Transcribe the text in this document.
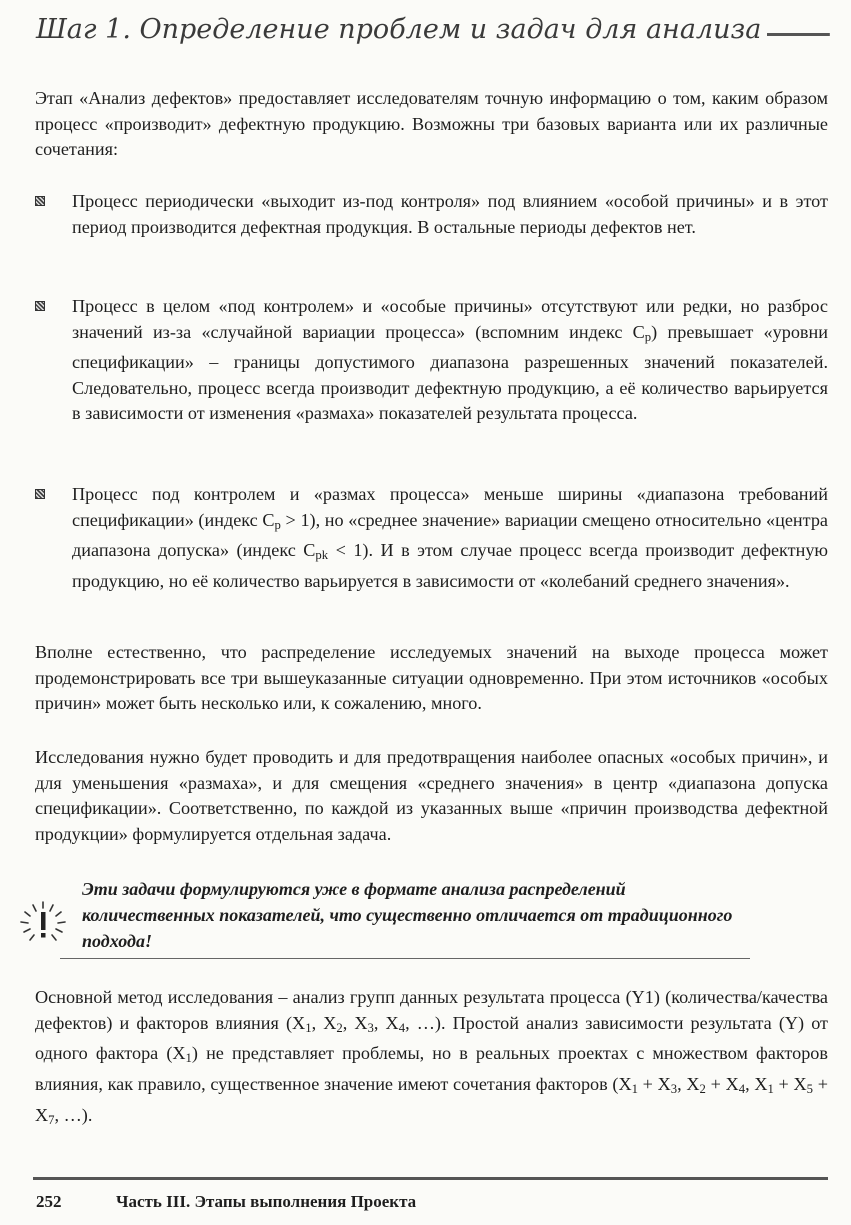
Шаг 1. Определение проблем и задач для анализа

Этап «Анализ дефектов» предоставляет исследователям точную информацию о том, каким образом процесс «производит» дефектную продукцию. Возможны три базовых варианта или их различные сочетания:

Процесс периодически «выходит из-под контроля» под влиянием «особой причины» и в этот период производится дефектная продукция. В остальные периоды дефектов нет.

Процесс в целом «под контролем» и «особые причины» отсутствуют или редки, но разброс значений из-за «случайной вариации процесса» (вспомним индекс $C_p$) превышает «уровни спецификации» – границы допустимого диапазона разрешенных значений показателей. Следовательно, процесс всегда производит дефектную продукцию, а её количество варьируется в зависимости от изменения «размаха» показателей результата процесса.

Процесс под контролем и «размах процесса» меньше ширины «диапазона требований спецификации» (индекс $C_p > 1$), но «среднее значение» вариации смещено относительно «центра диапазона допуска» (индекс $C_{pk} < 1$). И в этом случае процесс всегда производит дефектную продукцию, но её количество варьируется в зависимости от «колебаний среднего значения».

Вполне естественно, что распределение исследуемых значений на выходе процесса может продемонстрировать все три вышеуказанные ситуации одновременно. При этом источников «особых причин» может быть несколько или, к сожалению, много.

Исследования нужно будет проводить и для предотвращения наиболее опасных «особых причин», и для уменьшения «размаха», и для смещения «среднего значения» в центр «диапазона допуска спецификации». Соответственно, по каждой из указанных выше «причин производства дефектной продукции» формулируется отдельная задача.

Эти задачи формулируются уже в формате анализа распределений количественных показателей, что существенно отличается от традиционного подхода!

Основной метод исследования – анализ групп данных результата процесса (Y1) (количества/качества дефектов) и факторов влияния ($X_1$, $X_2$, $X_3$, $X_4$, …). Простой анализ зависимости результата (Y) от одного фактора $(X_1)$ не представляет проблемы, но в реальных проектах с множеством факторов влияния, как правило, существенное значение имеют сочетания факторов ($X_1 + X_3$, $X_2 + X_4$, $X_1 + X_5 + X_7$, …).

252	Часть III. Этапы выполнения Проекта
